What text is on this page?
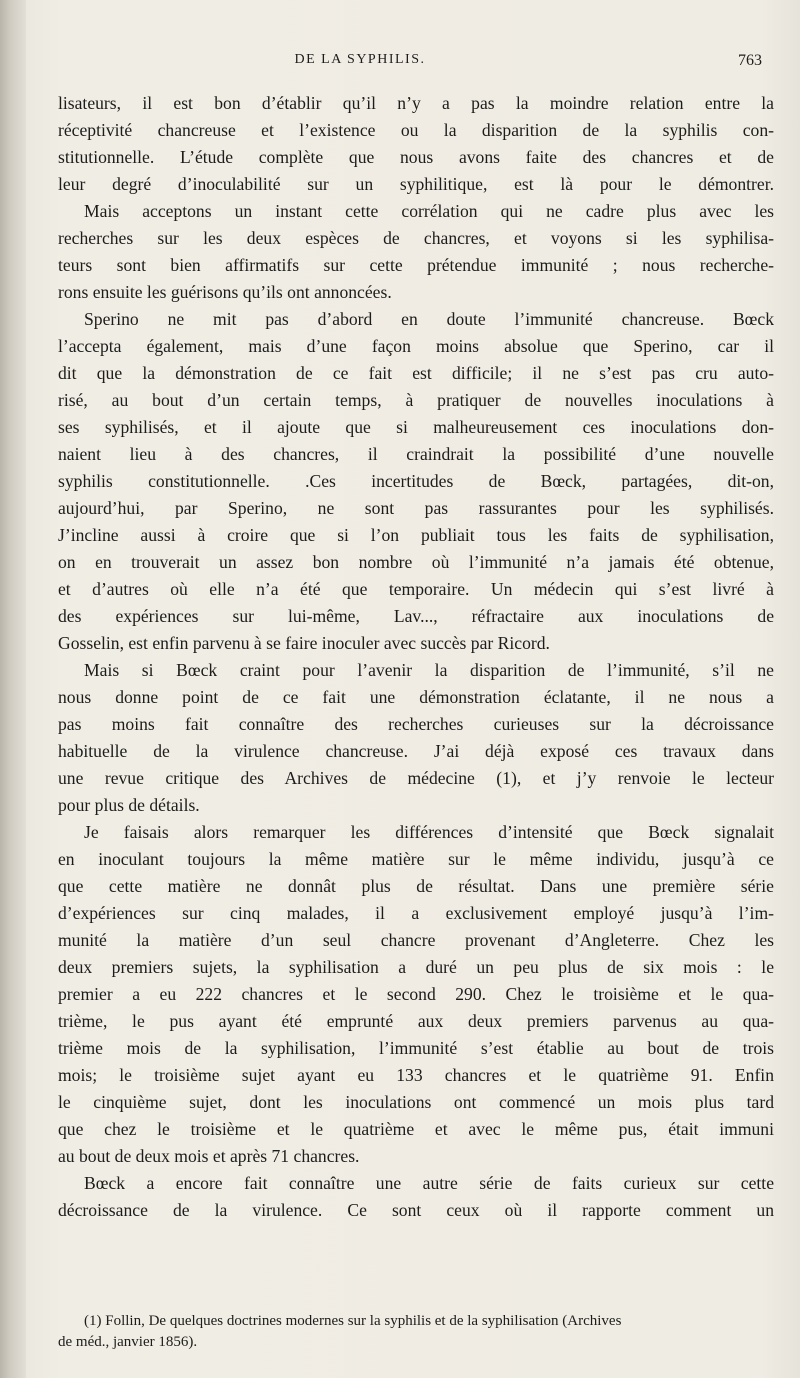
DE LA SYPHILIS.	763
lisateurs, il est bon d’établir qu’il n’y a pas la moindre relation entre la
réceptivité chancreuse et l’existence ou la disparition de la syphilis con-
stitutionnelle. L’étude complète que nous avons faite des chancres et de
leur degré d’inoculabilité sur un syphilitique, est là pour le démontrer.
Mais acceptons un instant cette corrélation qui ne cadre plus avec les
recherches sur les deux espèces de chancres, et voyons si les syphilisa-
teurs sont bien affirmatifs sur cette prétendue immunité ; nous recherche-
rons ensuite les guérisons qu’ils ont annoncées.
Sperino ne mit pas d’abord en doute l’immunité chancreuse. Bœck
l’accepta également, mais d’une façon moins absolue que Sperino, car il
dit que la démonstration de ce fait est difficile; il ne s’est pas cru auto-
risé, au bout d’un certain temps, à pratiquer de nouvelles inoculations à
ses syphilisés, et il ajoute que si malheureusement ces inoculations don-
naient lieu à des chancres, il craindrait la possibilité d’une nouvelle
syphilis constitutionnelle. .Ces incertitudes de Bœck, partagées, dit-on,
aujourd’hui, par Sperino, ne sont pas rassurantes pour les syphilisés.
J’incline aussi à croire que si l’on publiait tous les faits de syphilisation,
on en trouverait un assez bon nombre où l’immunité n’a jamais été obtenue,
et d’autres où elle n’a été que temporaire. Un médecin qui s’est livré à
des expériences sur lui-même, Lav..., réfractaire aux inoculations de
Gosselin, est enfin parvenu à se faire inoculer avec succès par Ricord.
Mais si Bœck craint pour l’avenir la disparition de l’immunité, s’il ne
nous donne point de ce fait une démonstration éclatante, il ne nous a
pas moins fait connaître des recherches curieuses sur la décroissance
habituelle de la virulence chancreuse. J’ai déjà exposé ces travaux dans
une revue critique des Archives de médecine (1), et j’y renvoie le lecteur
pour plus de détails.
Je faisais alors remarquer les différences d’intensité que Bœck signalait
en inoculant toujours la même matière sur le même individu, jusqu’à ce
que cette matière ne donnât plus de résultat. Dans une première série
d’expériences sur cinq malades, il a exclusivement employé jusqu’à l’im-
munité la matière d’un seul chancre provenant d’Angleterre. Chez les
deux premiers sujets, la syphilisation a duré un peu plus de six mois : le
premier a eu 222 chancres et le second 290. Chez le troisième et le qua-
trième, le pus ayant été emprunté aux deux premiers parvenus au qua-
trième mois de la syphilisation, l’immunité s’est établie au bout de trois
mois; le troisième sujet ayant eu 133 chancres et le quatrième 91. Enfin
le cinquième sujet, dont les inoculations ont commencé un mois plus tard
que chez le troisième et le quatrième et avec le même pus, était immuni
au bout de deux mois et après 71 chancres.
Bœck a encore fait connaître une autre série de faits curieux sur cette
décroissance de la virulence. Ce sont ceux où il rapporte comment un
(1) Follin, De quelques doctrines modernes sur la syphilis et de la syphilisation (Archives
de méd., janvier 1856).
